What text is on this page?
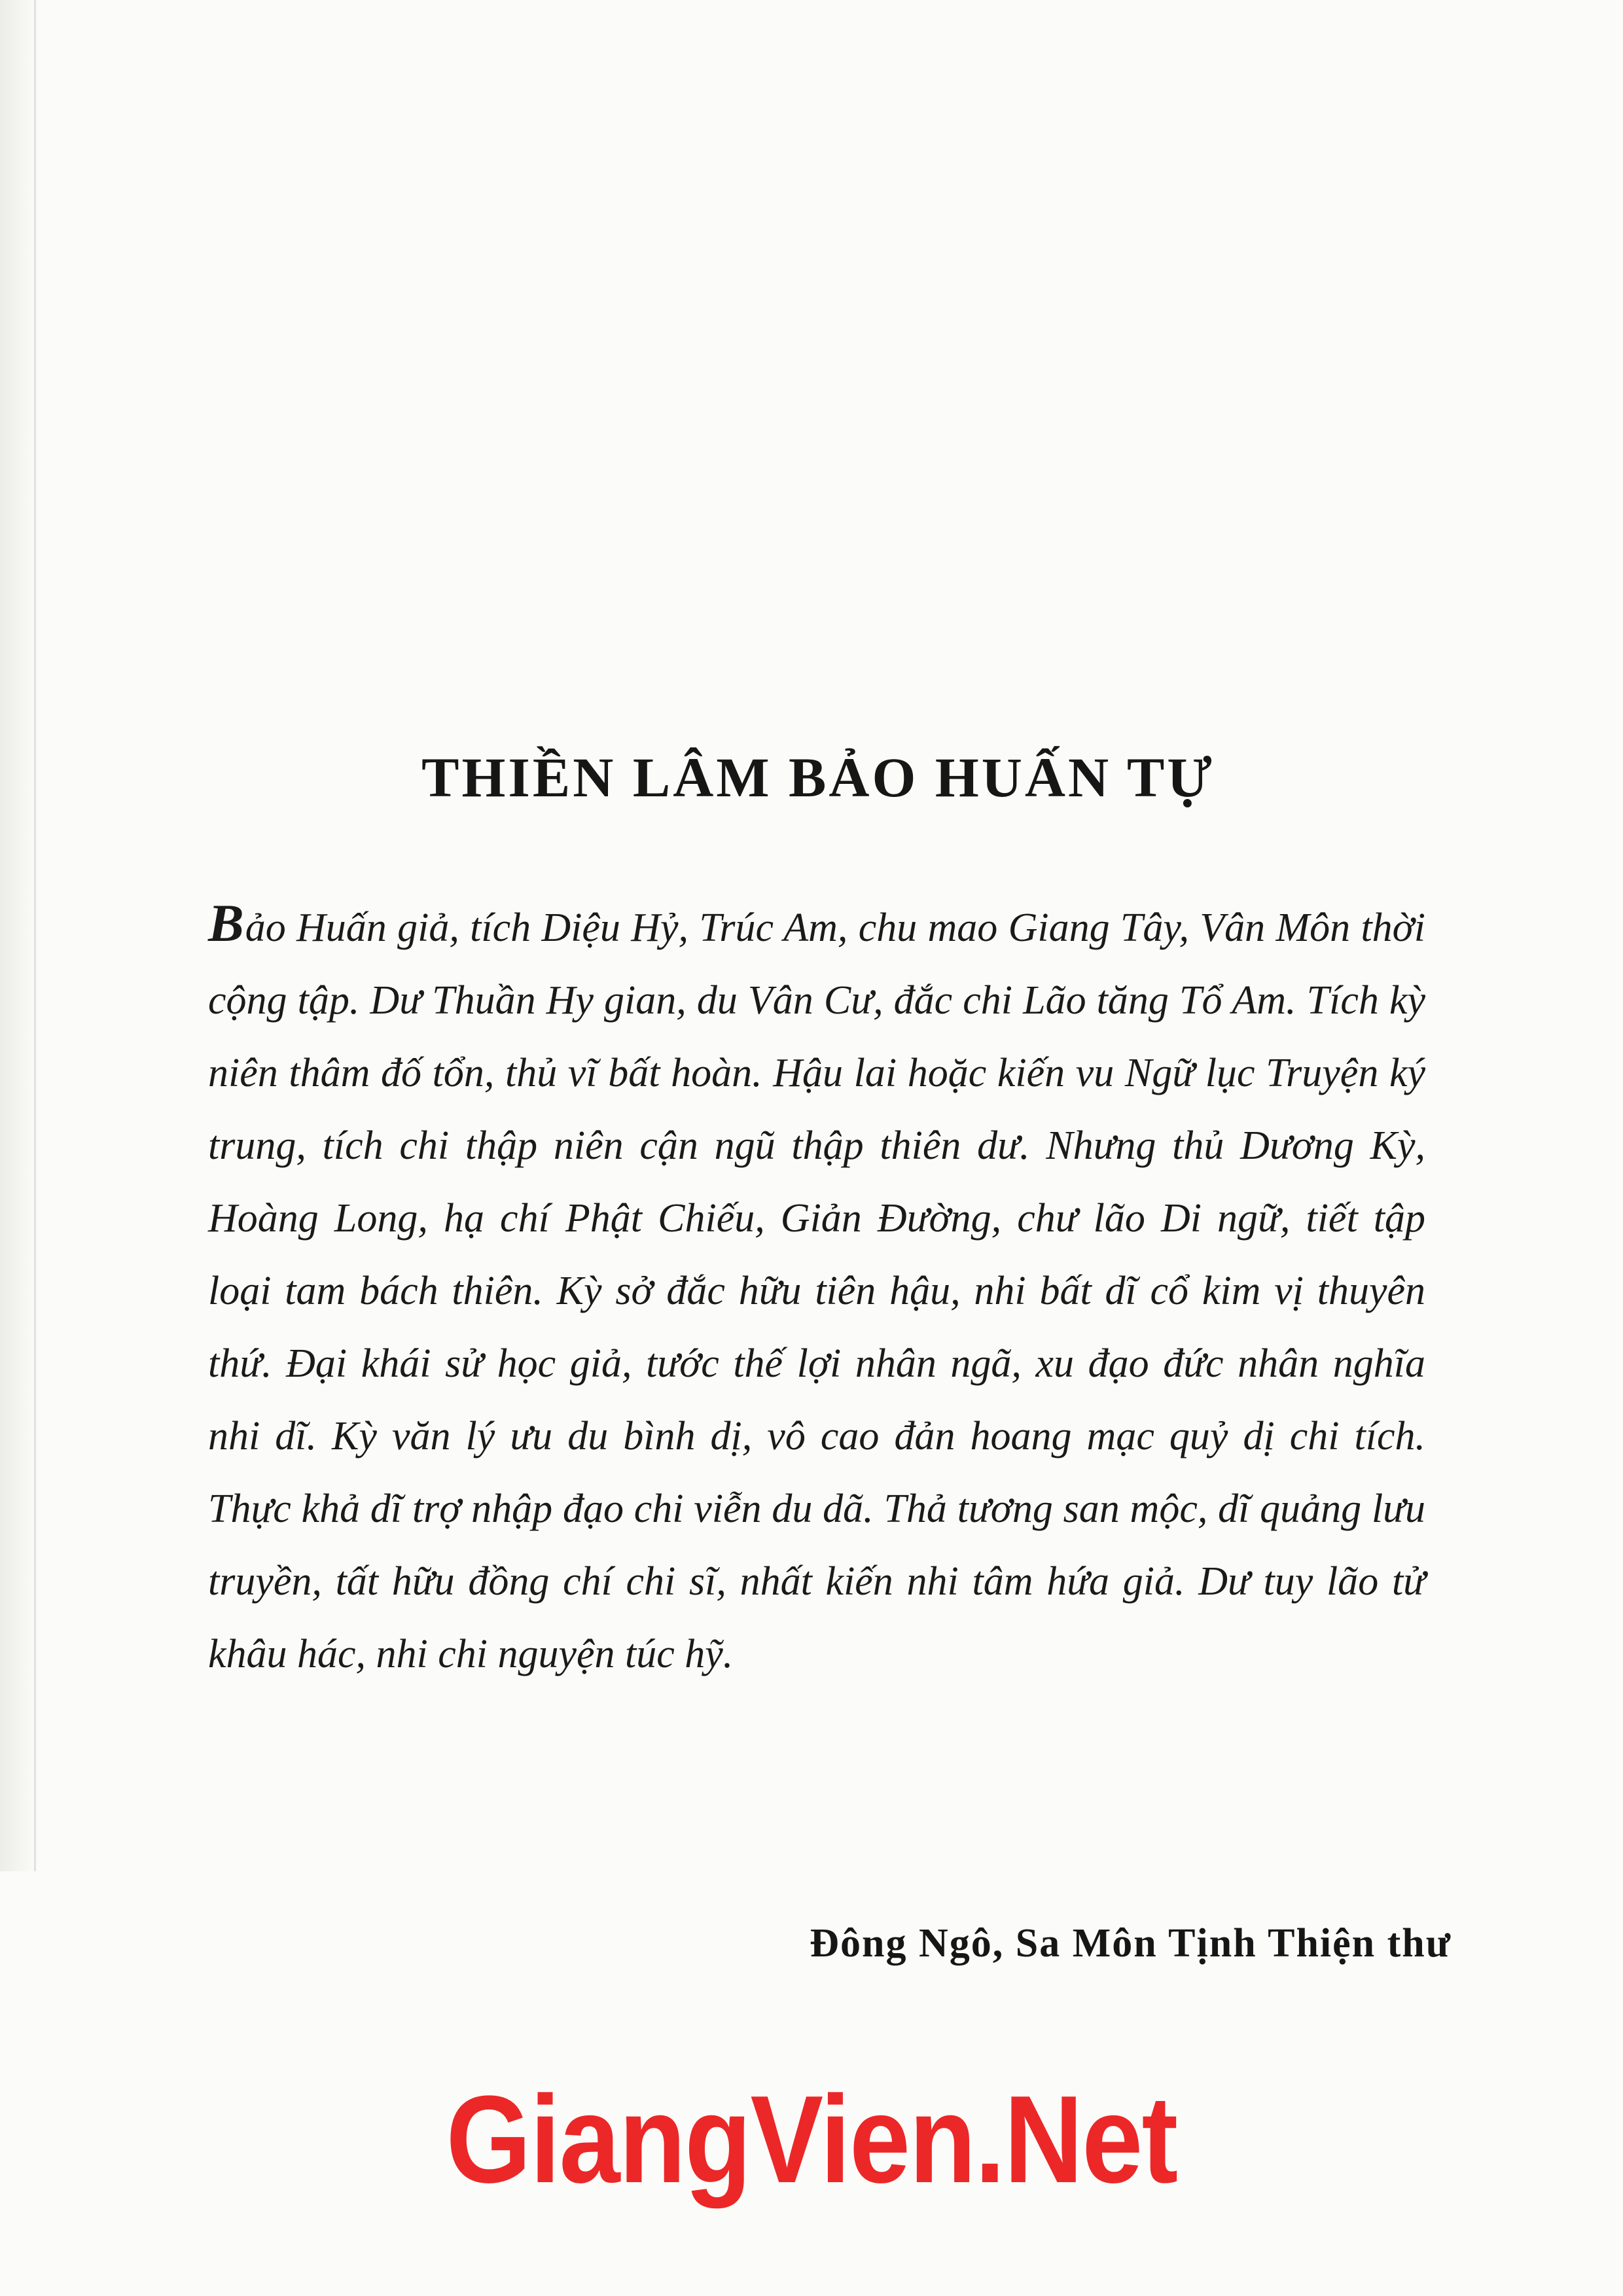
THIỀN LÂM BẢO HUẤN TỰ

Bảo Huấn giả, tích Diệu Hỷ, Trúc Am, chu mao Giang Tây, Vân Môn thời cộng tập. Dư Thuần Hy gian, du Vân Cư, đắc chi Lão tăng Tổ Am. Tích kỳ niên thâm đố tổn, thủ vĩ bất hoàn. Hậu lai hoặc kiến vu Ngữ lục Truyện ký trung, tích chi thập niên cận ngũ thập thiên dư. Nhưng thủ Dương Kỳ, Hoàng Long, hạ chí Phật Chiếu, Giản Đường, chư lão Di ngữ, tiết tập loại tam bách thiên. Kỳ sở đắc hữu tiên hậu, nhi bất dĩ cổ kim vị thuyên thứ. Đại khái sử học giả, tước thế lợi nhân ngã, xu đạo đức nhân nghĩa nhi dĩ. Kỳ văn lý ưu du bình dị, vô cao đản hoang mạc quỷ dị chi tích. Thực khả dĩ trợ nhập đạo chi viễn du dã. Thả tương san mộc, dĩ quảng lưu truyền, tất hữu đồng chí chi sĩ, nhất kiến nhi tâm hứa giả. Dư tuy lão tử khâu hác, nhi chi nguyện túc hỹ.

Đông Ngô, Sa Môn Tịnh Thiện thư

GiangVien.Net
